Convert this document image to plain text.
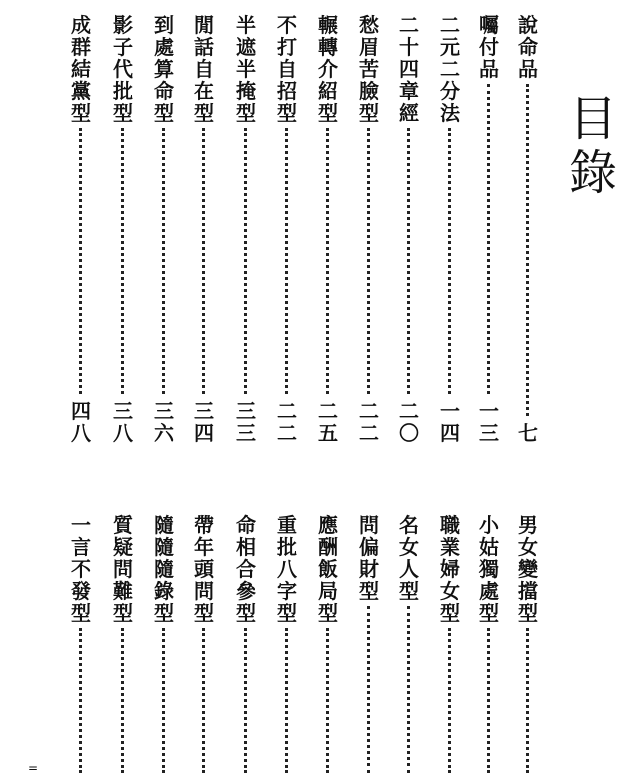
目
錄
說
命
品
七
囑
付
品
一
三
二
元
二
分
法
一
四
二
十
四
章
經
二
〇
愁
眉
苦
臉
型
二
二
輾
轉
介
紹
型
二
五
不
打
自
招
型
二
二
半
遮
半
掩
型
三
三
閒
話
自
在
型
三
四
到
處
算
命
型
三
六
影
子
代
批
型
三
八
成
群
結
黨
型
四
八
男
女
變
擋
型
小
姑
獨
處
型
職
業
婦
女
型
名
女
人
型
問
偏
財
型
應
酬
飯
局
型
重
批
八
字
型
命
相
合
參
型
帶
年
頭
問
型
隨
隨
隨
錄
型
質
疑
問
難
型
一
言
不
發
型
=
